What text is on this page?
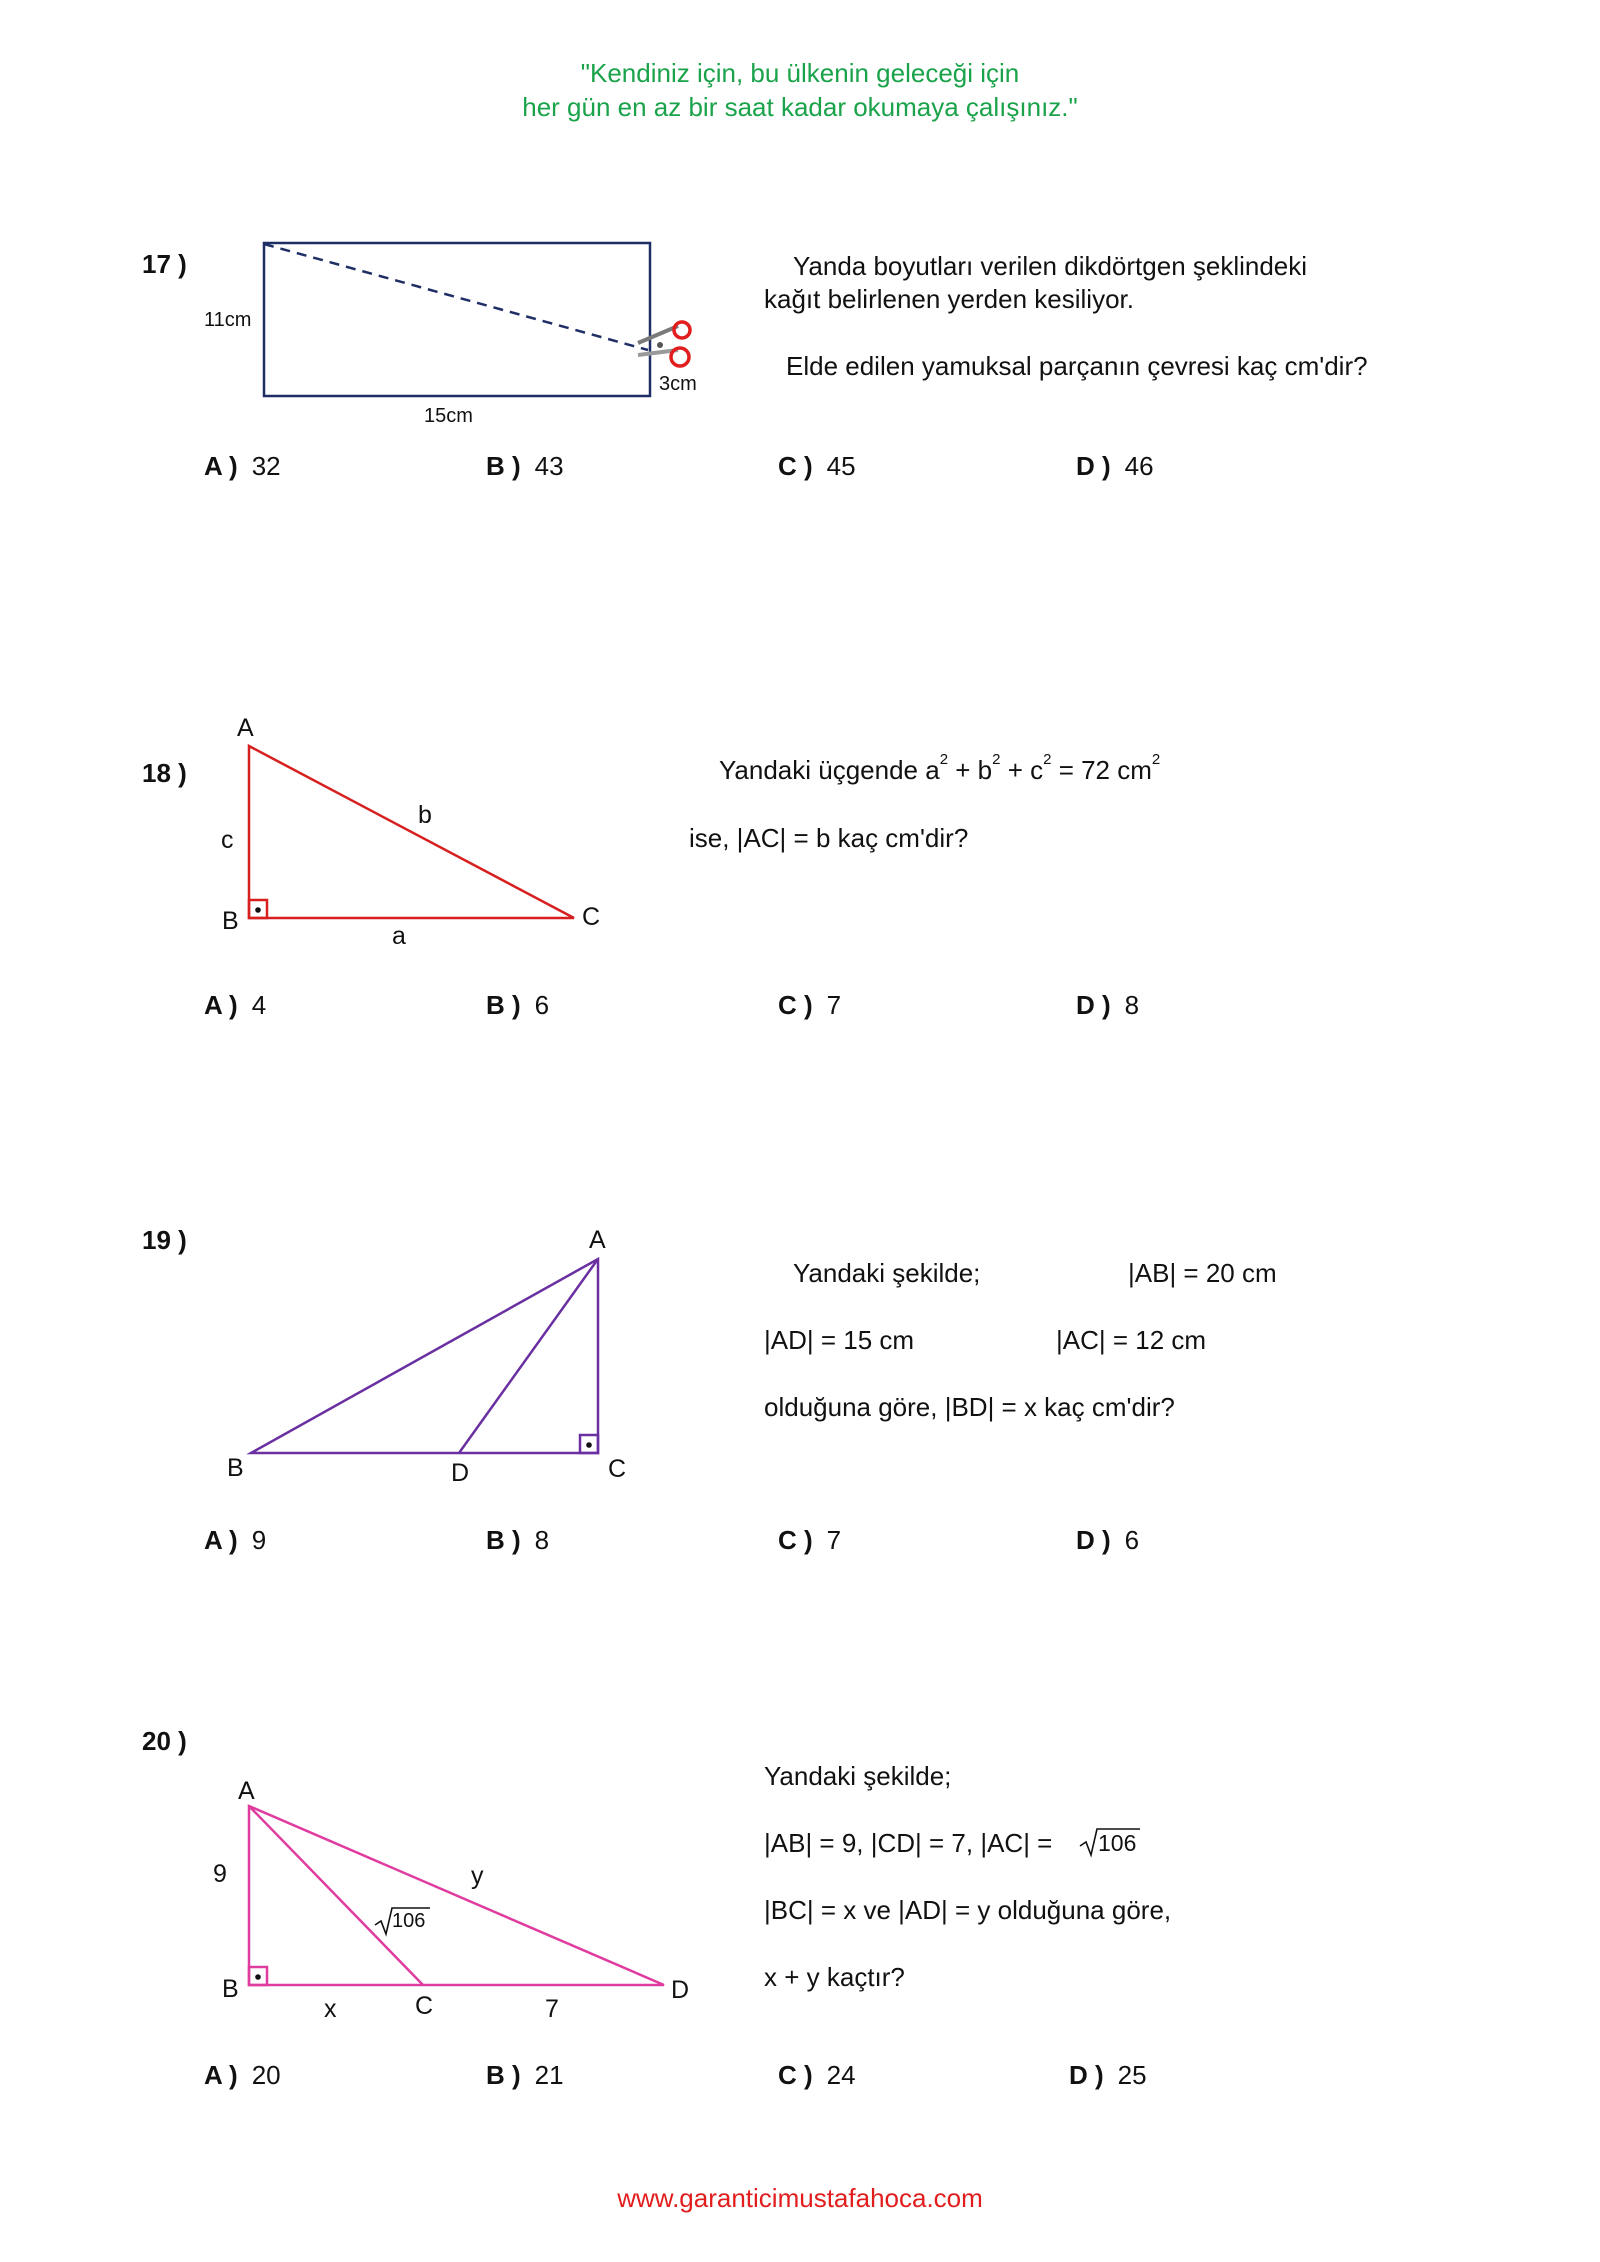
"Kendiniz için, bu ülkenin geleceği için
her gün en az bir saat kadar okumaya çalışınız."
17 )
11cm
15cm
3cm
Yanda boyutları verilen dikdörtgen şeklindeki
kağıt belirlenen yerden kesiliyor.
Elde edilen yamuksal parçanın çevresi kaç cm'dir?
A ) 32	B ) 43	C ) 45	D ) 46
18 )
A
B	C
a
b
c
Yandaki üçgende $a^2 + b^2 + c^2 = 72$ $cm^2$
ise, |AC| = b kaç cm'dir?
A ) 4	B ) 6	C ) 7	D ) 8
19 )	A
B	C
D
Yandaki şekilde;	|AB| = 20 cm
|AD| = 15 cm	|AC| = 12 cm
olduğuna göre, |BD| = x kaç cm'dir?
A ) 9	B ) 8	C ) 7	D ) 6
20 )
A
B
C
D
9
x
y
7
106
Yandaki şekilde;
|AB| = 9, |CD| = 7, |AC| = 106
|BC| = x ve |AD| = y olduğuna göre,
x + y kaçtır?
A ) 20	B ) 21	C ) 24	D ) 25
www.garanticimustafahoca.com
